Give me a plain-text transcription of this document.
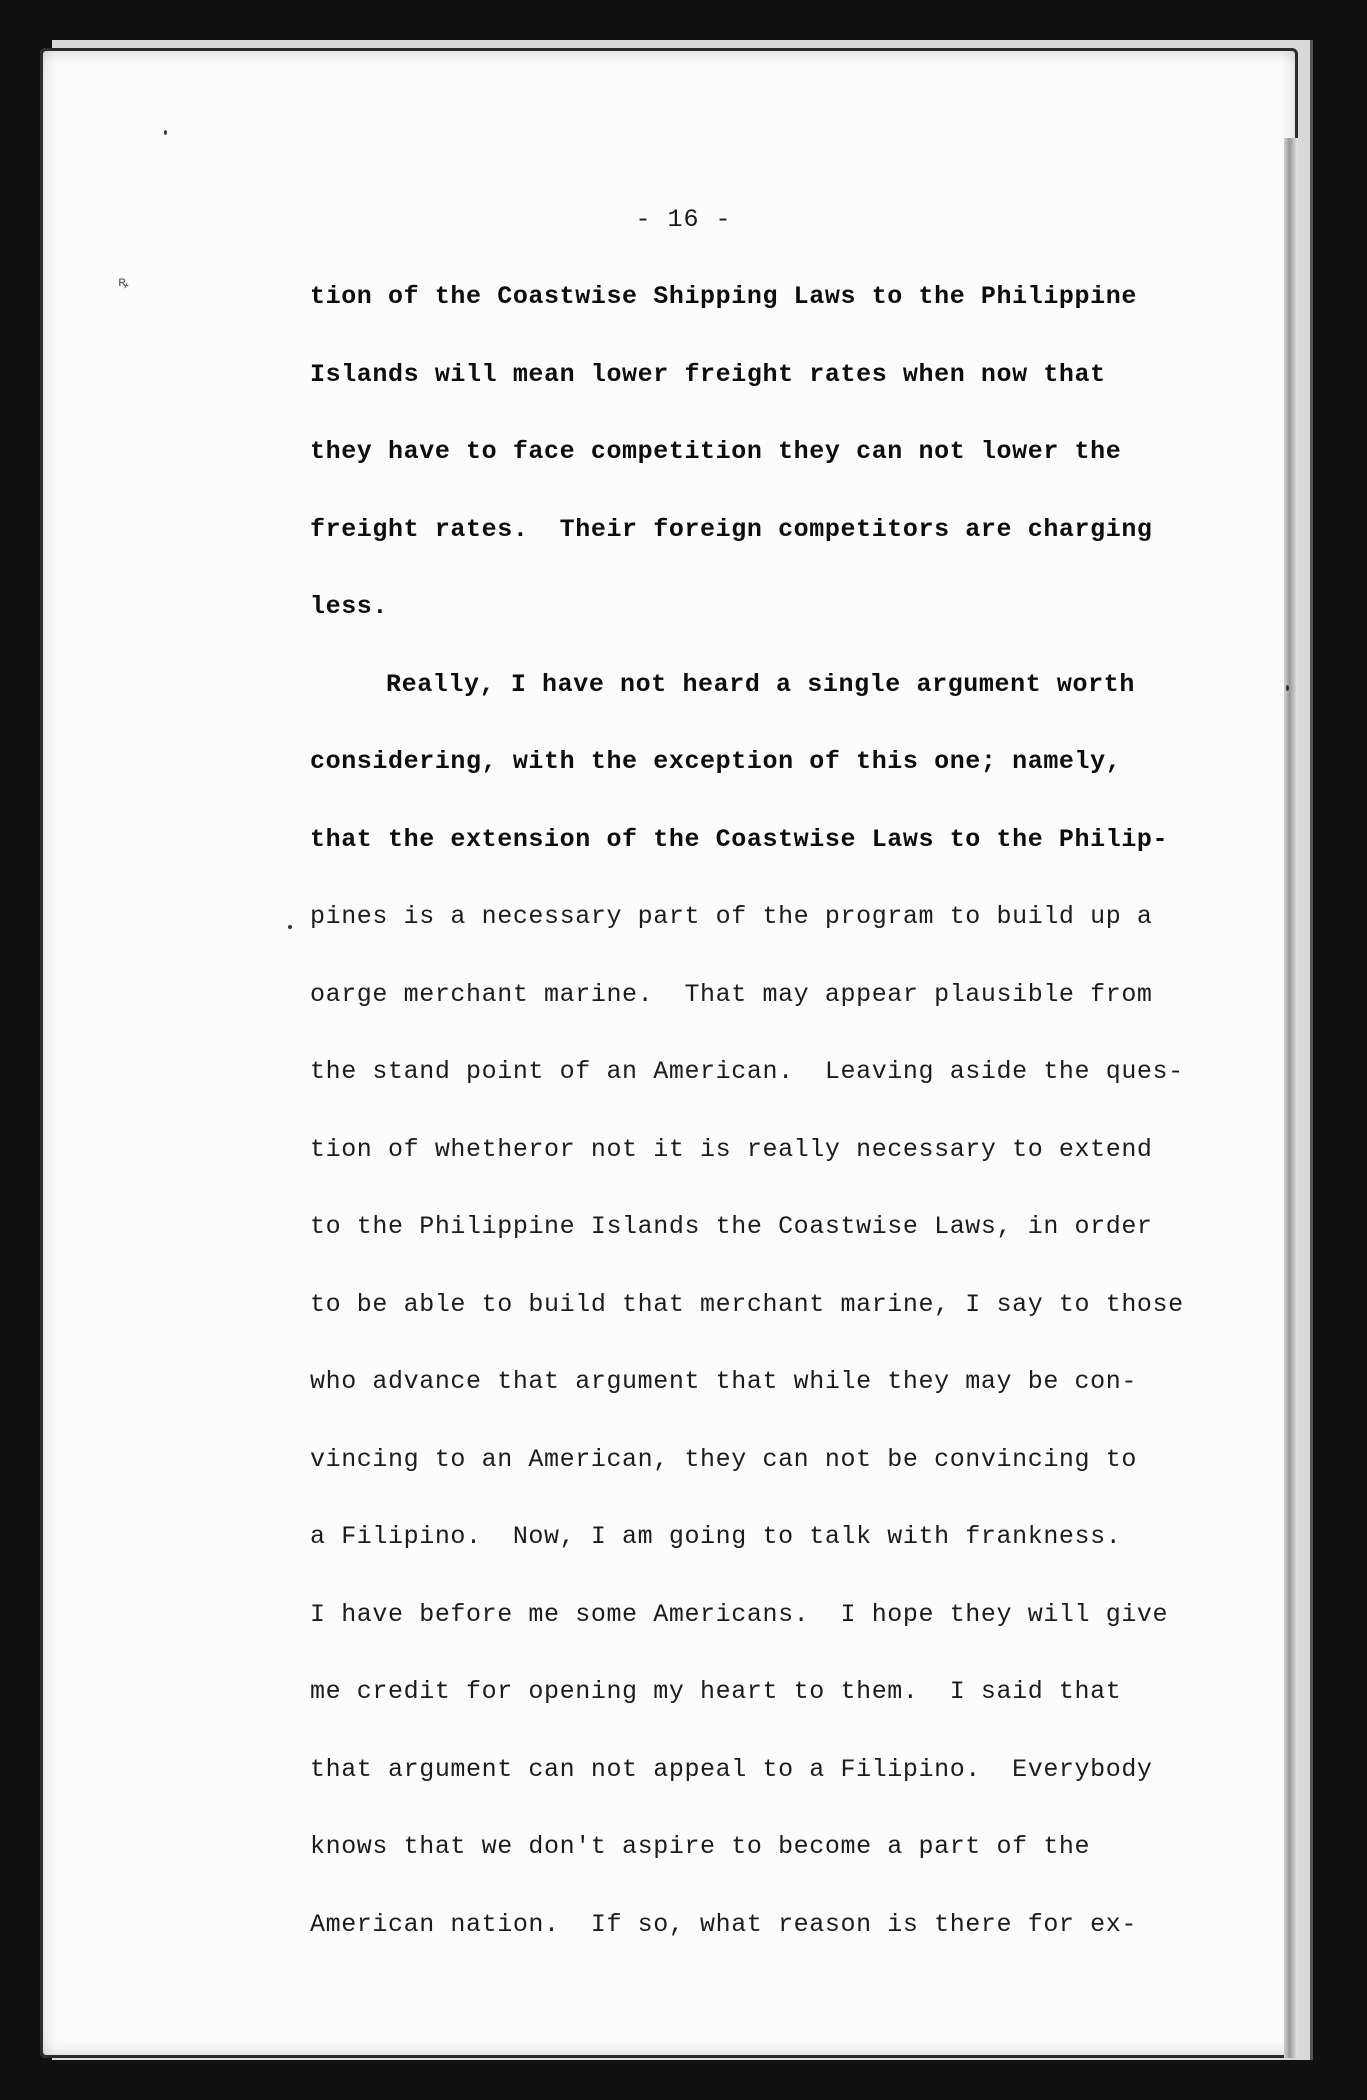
- 16 -
ꝶ	tion of the Coastwise Shipping Laws to the Philippine
Islands will mean lower freight rates when now that
they have to face competition they can not lower the
freight rates.  Their foreign competitors are charging
less.
Really, I have not heard a single argument worth
considering, with the exception of this one; namely,
that the extension of the Coastwise Laws to the Philip-
pines is a necessary part of the program to build up a
oarge merchant marine.  That may appear plausible from
the stand point of an American.  Leaving aside the ques-
tion of whetheror not it is really necessary to extend
to the Philippine Islands the Coastwise Laws, in order
to be able to build that merchant marine, I say to those
who advance that argument that while they may be con-
vincing to an American, they can not be convincing to
a Filipino.  Now, I am going to talk with frankness.
I have before me some Americans.  I hope they will give
me credit for opening my heart to them.  I said that
that argument can not appeal to a Filipino.  Everybody
knows that we don't aspire to become a part of the
American nation.  If so, what reason is there for ex-
